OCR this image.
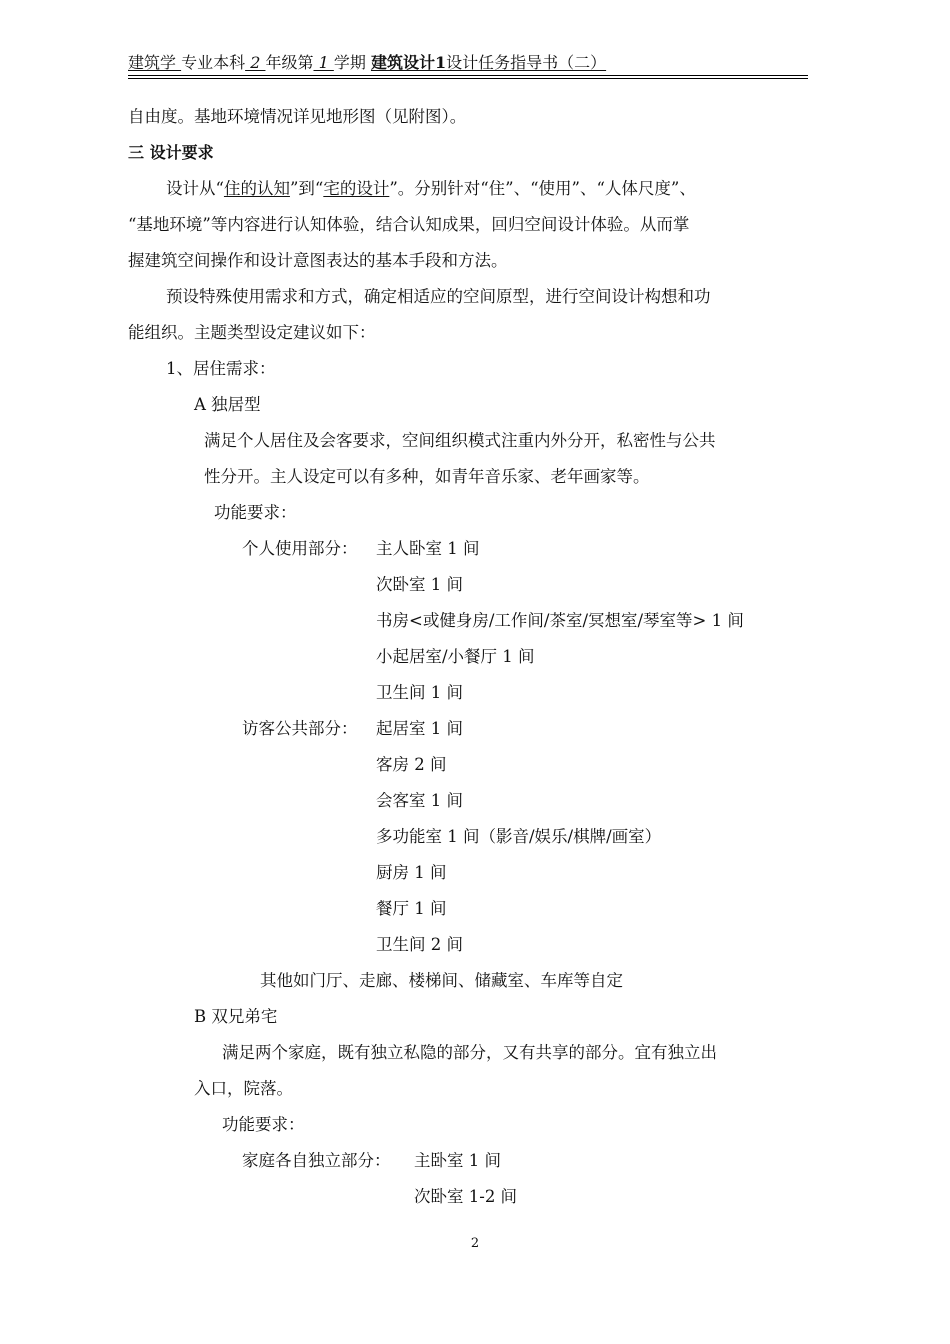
建筑学 专业本科 2 年级第 1 学期 建筑设计1设计任务指导书（二）
自由度。基地环境情况详见地形图（见附图）。
三 设计要求
设计从“住的认知”到“宅的设计”。分别针对“住”、“使用”、“人体尺度”、
“基地环境”等内容进行认知体验，结合认知成果，回归空间设计体验。从而掌
握建筑空间操作和设计意图表达的基本手段和方法。
预设特殊使用需求和方式，确定相适应的空间原型，进行空间设计构想和功
能组织。主题类型设定建议如下：
1、居住需求：
A 独居型
满足个人居住及会客要求，空间组织模式注重内外分开，私密性与公共
性分开。主人设定可以有多种，如青年音乐家、老年画家等。
功能要求：
个人使用部分： 主人卧室 1 间
次卧室 1 间
书房<或健身房/工作间/茶室/冥想室/琴室等> 1 间
小起居室/小餐厅 1 间
卫生间 1 间
访客公共部分： 起居室 1 间
客房 2 间
会客室 1 间
多功能室 1 间（影音/娱乐/棋牌/画室）
厨房 1 间
餐厅 1 间
卫生间 2 间
其他如门厅、走廊、楼梯间、储藏室、车库等自定
B 双兄弟宅
满足两个家庭，既有独立私隐的部分，又有共享的部分。宜有独立出
入口，院落。
功能要求：
家庭各自独立部分： 主卧室 1 间
次卧室 1-2 间
2
